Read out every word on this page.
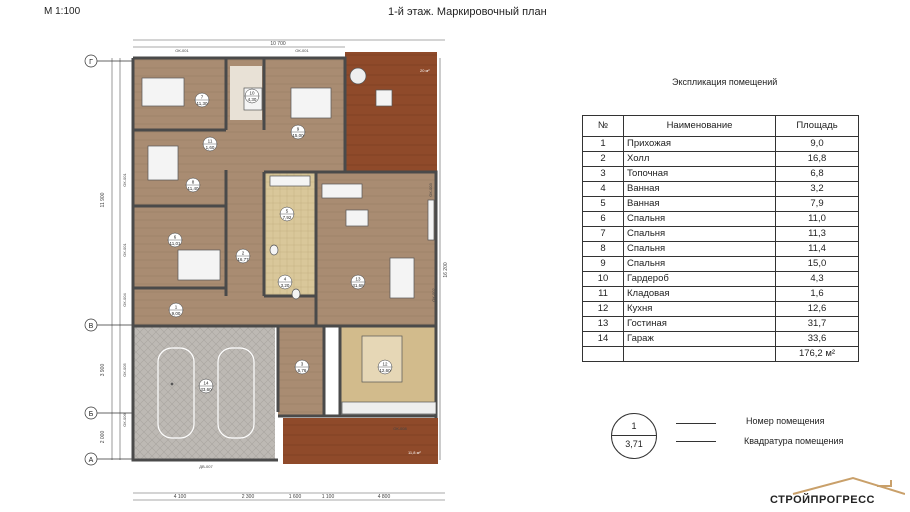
М 1:100	1-й этаж. Маркировочный план
Г
В
Б
А
10 700
11 900
16 200
3 900
2 000
4 100	2 300	1 600	1 100	4 800
7
11,30
10
4,30
9
15,00
8
11,40
11
1,60
2
16,77
5
7,92
4
3,20
13
31,68
6
11,01
1
9,00
3
6,76
12
12,60
14
33,60
20 м²
11,8 м²
ОК-001	ОК-001
ОК-001
ОК-001
ОК-002
ОК-003
ОК-004
ОК-005
ОК-006
ДВ-007
ОК-008
Экспликация помещений
№	Наименование	Площадь
1	Прихожая	9,0
2	Холл	16,8
3	Топочная	6,8
4	Ванная	3,2
5	Ванная	7,9
6	Спальня	11,0
7	Спальня	11,3
8	Спальня	11,4
9	Спальня	15,0
10	Гардероб	4,3
11	Кладовая	1,6
12	Кухня	12,6
13	Гостиная	31,7
14	Гараж	33,6
		176,2 м²
1
3,71
Номер помещения
Квадратура помещения
СТРОЙПРОГРЕСС
